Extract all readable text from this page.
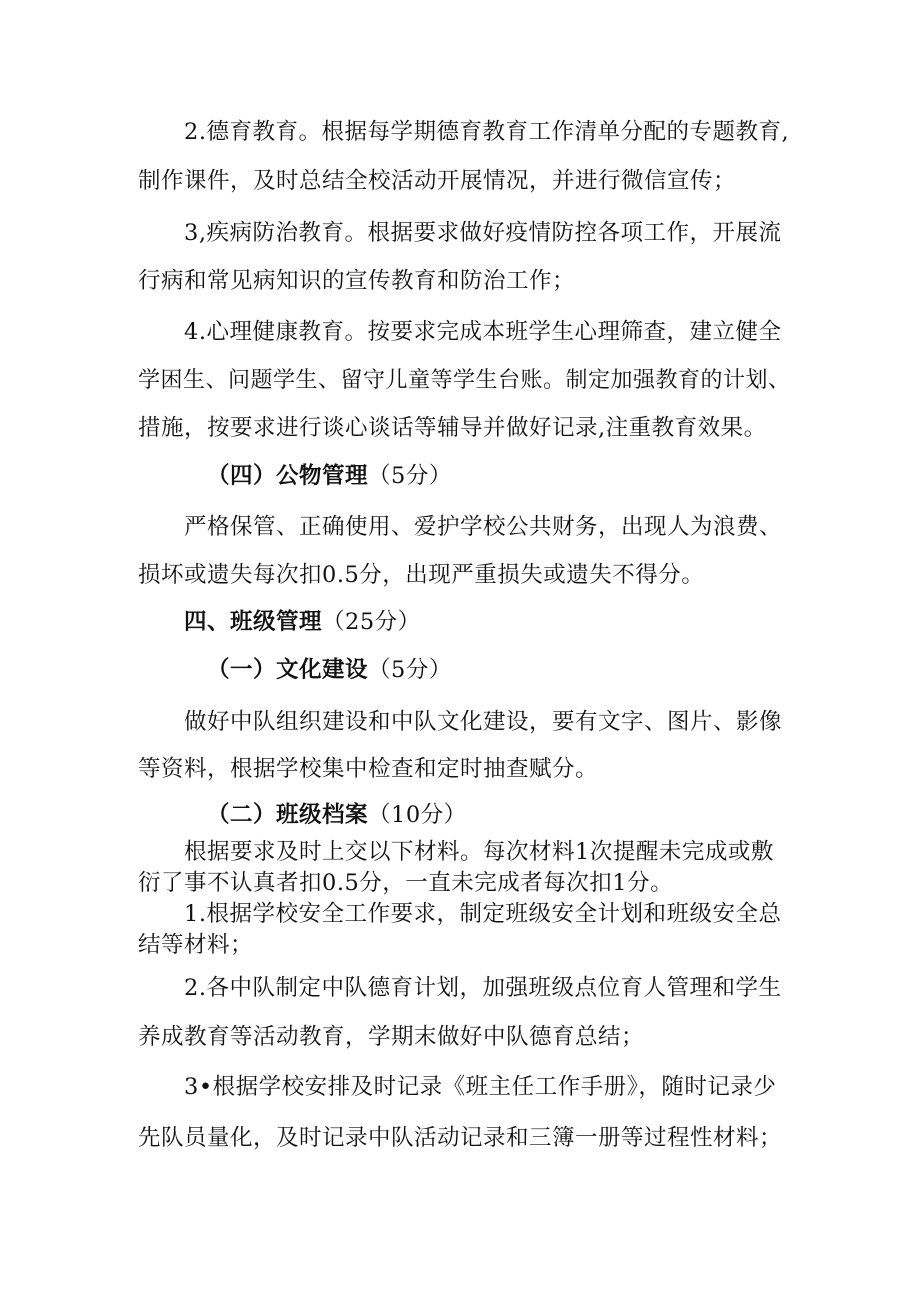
2.德育教育。根据每学期德育教育工作清单分配的专题教育,
制作课件，及时总结全校活动开展情况，并进行微信宣传；
3,疾病防治教育。根据要求做好疫情防控各项工作，开展流
行病和常见病知识的宣传教育和防治工作；
4.心理健康教育。按要求完成本班学生心理筛查，建立健全
学困生、问题学生、留守儿童等学生台账。制定加强教育的计划、
措施，按要求进行谈心谈话等辅导并做好记录,注重教育效果。
（四）公物管理（5分）
严格保管、正确使用、爱护学校公共财务，出现人为浪费、
损坏或遗失每次扣0.5分，出现严重损失或遗失不得分。
四、班级管理（25分）
（一）文化建设（5分）
做好中队组织建设和中队文化建设，要有文字、图片、影像
等资料，根据学校集中检查和定时抽查赋分。
（二）班级档案（10分）
根据要求及时上交以下材料。每次材料1次提醒未完成或敷
衍了事不认真者扣0.5分，一直未完成者每次扣1分。
1.根据学校安全工作要求，制定班级安全计划和班级安全总
结等材料；
2.各中队制定中队德育计划，加强班级点位育人管理和学生
养成教育等活动教育，学期末做好中队德育总结；
3•根据学校安排及时记录《班主任工作手册》，随时记录少
先队员量化，及时记录中队活动记录和三簿一册等过程性材料；
